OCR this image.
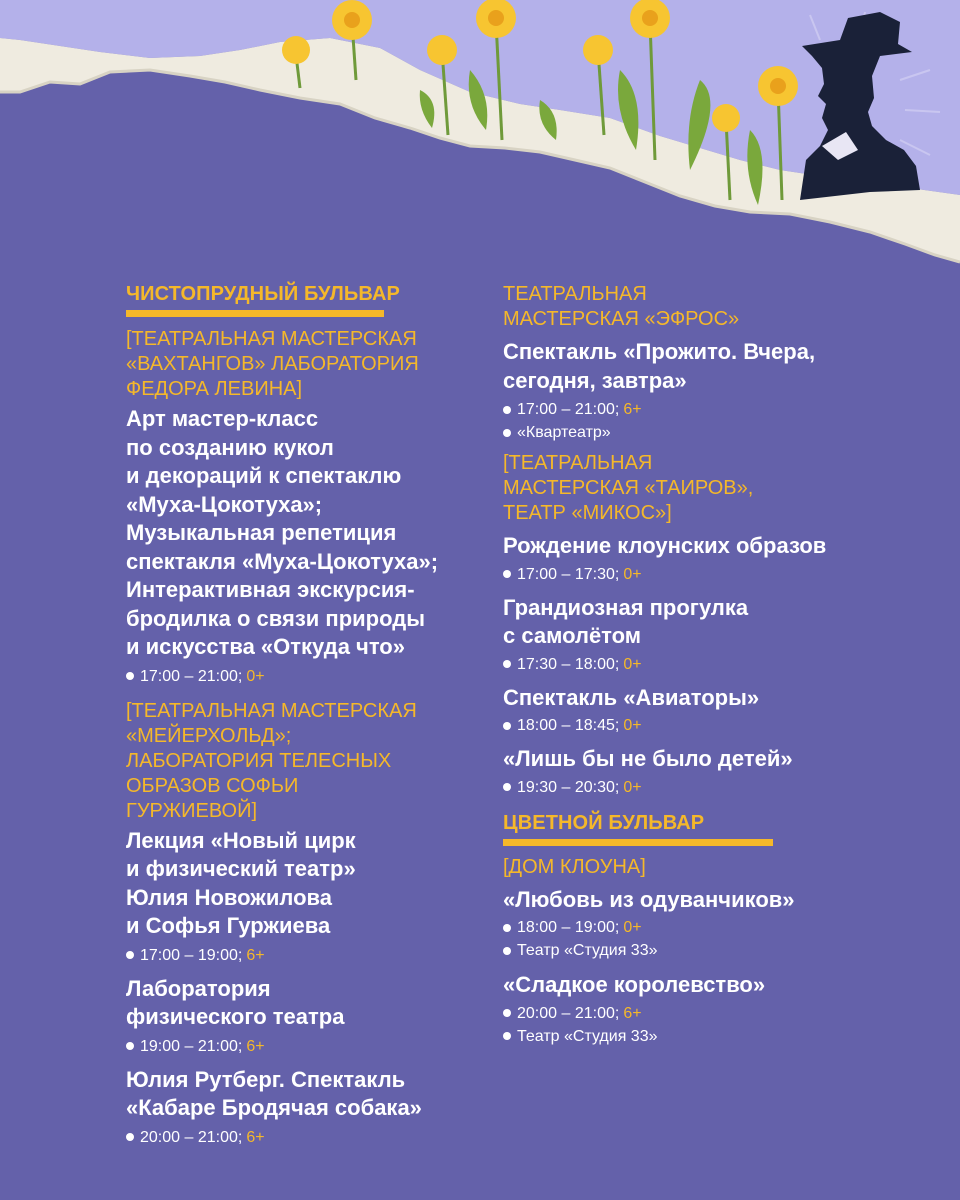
ЧИСТОПРУДНЫЙ БУЛЬВАР

[ТЕАТРАЛЬНАЯ МАСТЕРСКАЯ
«ВАХТАНГОВ» ЛАБОРАТОРИЯ
ФЕДОРА ЛЕВИНА]

Арт мастер-класс
по созданию кукол
и декораций к спектаклю
«Муха-Цокотуха»;
Музыкальная репетиция
спектакля «Муха-Цокотуха»;
Интерактивная экскурсия-
бродилка о связи природы
и искусства «Откуда что»

17:00 – 21:00; 0+

[ТЕАТРАЛЬНАЯ МАСТЕРСКАЯ
«МЕЙЕРХОЛЬД»;
ЛАБОРАТОРИЯ ТЕЛЕСНЫХ
ОБРАЗОВ СОФЬИ
ГУРЖИЕВОЙ]

Лекция «Новый цирк
и физический театр»
Юлия Новожилова
и Софья Гуржиева

17:00 – 19:00; 6+

Лаборатория
физического театра

19:00 – 21:00; 6+

Юлия Рутберг. Спектакль
«Кабаре Бродячая собака»

20:00 – 21:00; 6+

ТЕАТРАЛЬНАЯ
МАСТЕРСКАЯ «ЭФРОС»

Спектакль «Прожито. Вчера,
сегодня, завтра»

17:00 – 21:00; 6+

«Квартеатр»

[ТЕАТРАЛЬНАЯ
МАСТЕРСКАЯ «ТАИРОВ»,
ТЕАТР «МИКОС»]

Рождение клоунских образов

17:00 – 17:30; 0+

Грандиозная прогулка
с самолётом

17:30 – 18:00; 0+

Спектакль «Авиаторы»

18:00 – 18:45; 0+

«Лишь бы не было детей»

19:30 – 20:30; 0+

ЦВЕТНОЙ БУЛЬВАР

[ДОМ КЛОУНА]

«Любовь из одуванчиков»

18:00 – 19:00; 0+

Театр «Студия 33»

«Сладкое королевство»

20:00 – 21:00; 6+

Театр «Студия 33»
